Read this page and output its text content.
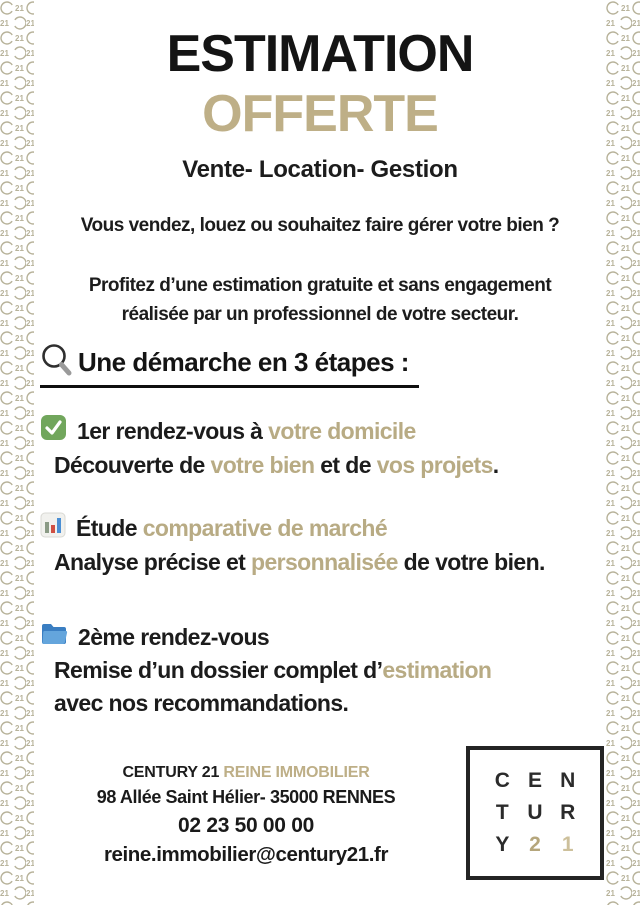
ESTIMATION
OFFERTE
Vente- Location- Gestion
Vous vendez, louez ou souhaitez faire gérer votre bien ?
Profitez d’une estimation gratuite et sans engagement
réalisée par un professionnel de votre secteur.
Une démarche en 3 étapes :
1er rendez-vous à votre domicile
Découverte de votre bien et de vos projets.
Étude comparative de marché
Analyse précise et personnalisée de votre bien.
2ème rendez-vous
Remise d’un dossier complet d’estimation
avec nos recommandations.
CENTURY 21 REINE IMMOBILIER
98 Allée Saint Hélier- 35000 RENNES
02 23 50 00 00
reine.immobilier@century21.fr
C E N
T U R
Y 2 1
